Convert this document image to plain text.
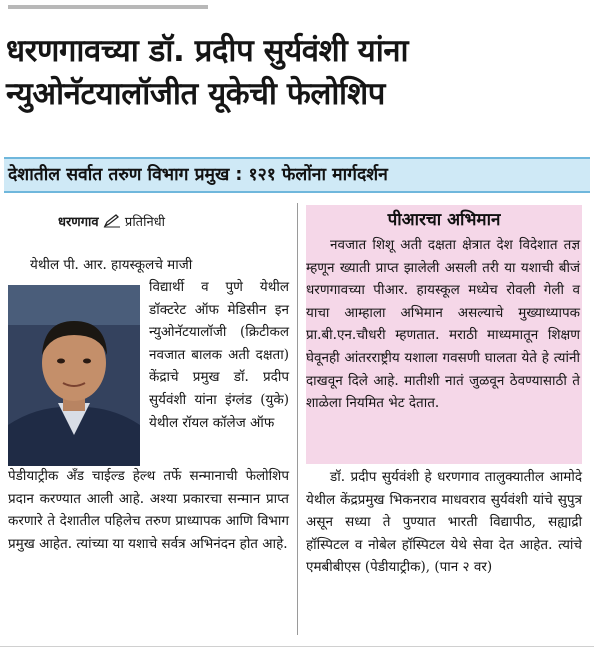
धरणगावच्या डॉ. प्रदीप सुर्यवंशी यांना
न्युओनॅटयालॉजीत यूकेची फेलोशिप
देशातील सर्वात तरुण विभाग प्रमुख : १२१ फेलोंना मार्गदर्शन
धरणगाव प्रतिनिधी

येथील पी. आर. हायस्कूलचे माजी

विद्यार्थी व पुणे येथील डॉक्टरेट ऑफ मेडिसीन इन न्युओनॅटयालॉजी (क्रिटीकल नवजात बालक अती दक्षता) केंद्राचे प्रमुख डॉ. प्रदीप सुर्यवंशी यांना इंग्लंड (युके) येथील रॉयल कॉलेज ऑफ

पेडीयाट्रीक अँड चाईल्ड हेल्थ तर्फे सन्मानाची फेलोशिप प्रदान करण्यात आली आहे. अश्या प्रकारचा सन्मान प्राप्त करणारे ते देशातील पहिलेच तरुण प्राध्यापक आणि विभाग प्रमुख आहेत. त्यांच्या या यशाचे सर्वत्र अभिनंदन होत आहे.

पीआरचा अभिमान

नवजात शिशू अती दक्षता क्षेत्रात देश विदेशात तज्ञ म्हणून ख्याती प्राप्त झालेली असली तरी या यशाची बीजं धरणगावच्या पीआर. हायस्कूल मध्येच रोवली गेली व याचा आम्हाला अभिमान असल्याचे मुख्याध्यापक प्रा.बी.एन.चौधरी म्हणतात. मराठी माध्यमातून शिक्षण घेवूनही आंतरराष्ट्रीय यशाला गवसणी घालता येते हे त्यांनी दाखवून दिले आहे. मातीशी नातं जुळवून ठेवण्यासाठी ते शाळेला नियमित भेट देतात.

डॉ. प्रदीप सुर्यवंशी हे धरणगाव तालुक्यातील आमोदे येथील केंद्रप्रमुख भिकनराव माधवराव सुर्यवंशी यांचे सुपुत्र असून सध्या ते पुण्यात भारती विद्यापीठ, सह्याद्री हॉस्पिटल व नोबेल हॉस्पिटल येथे सेवा देत आहेत. त्यांचे एमबीबीएस (पेडीयाट्रीक), (पान २ वर)
